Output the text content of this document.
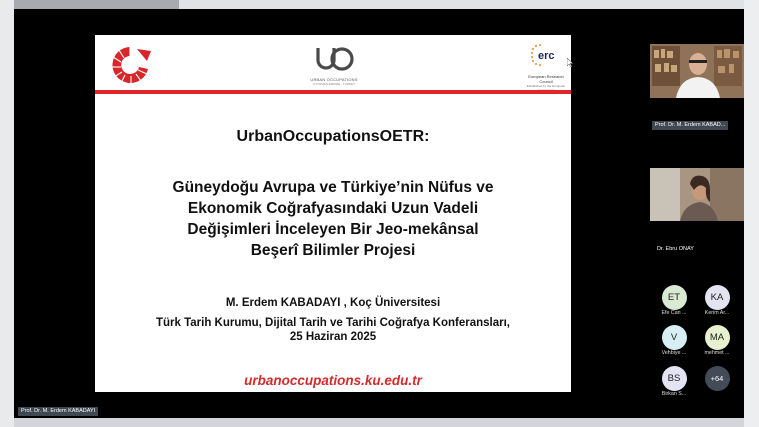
URBAN OCCUPATIONS
OTTOMAN EMPIRE · TURKEY
erc
European Research Council
Established by the European
UrbanOccupationsOETR:
Güneydoğu Avrupa ve Türkiye’nin Nüfus ve
Ekonomik Coğrafyasındaki Uzun Vadeli
Değişimleri İnceleyen Bir Jeo-mekânsal
Beşerî Bilimler Projesi
M. Erdem KABADAYI , Koç Üniversitesi
Türk Tarih Kurumu, Dijital Tarih ve Tarihi Coğrafya Konferansları,
25 Haziran 2025
urbanoccupations.ku.edu.tr
Prof. Dr. M. Erdem KABADAYI
Prof. Dr. M. Erdem KABAD...
Dr. Ebru ONAY
ET
Efe Can ...
KA
Kerim Ar...
V
Vehbiye ...
MA
mehmet ...
BS
Birkan S...
+64
